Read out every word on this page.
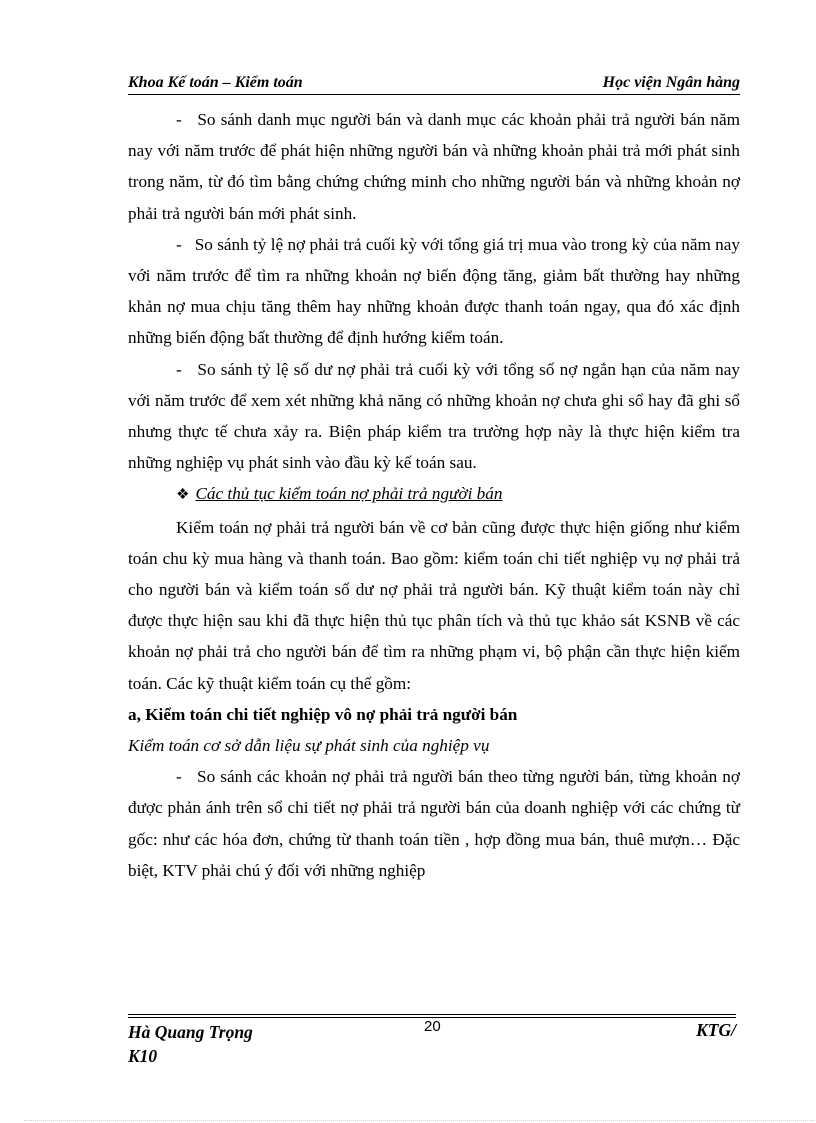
Khoa Kế toán – Kiểm toán	Học viện Ngân hàng

-   So sánh danh mục người bán và danh mục các khoản phải trả người bán năm nay với năm trước để phát hiện những người bán và những khoản phải trả mới phát sinh trong năm, từ đó tìm bằng chứng chứng minh cho những người bán và những khoản nợ phải trả người bán mới phát sinh.

-   So sánh tỷ lệ nợ phải trả cuối kỳ với tổng giá trị mua vào trong kỳ của năm nay với năm trước để tìm ra những khoản nợ biến động tăng, giảm bất thường hay những khản nợ mua chịu tăng thêm hay những khoản được thanh toán ngay, qua đó xác định những biến động bất thường để định hướng kiểm toán.

-   So sánh tỷ lệ số dư nợ phải trả cuối kỳ với tổng số nợ ngắn hạn của năm nay với năm trước để xem xét những khả năng có những khoản nợ chưa ghi sổ hay đã ghi sổ nhưng thực tế chưa xảy ra. Biện pháp kiểm tra trường hợp này là thực hiện kiểm tra những nghiệp vụ phát sinh vào đầu kỳ kế toán sau.

❖ Các thủ tục kiểm toán nợ phải trả người bán

Kiểm toán nợ phải trả người bán về cơ bản cũng được thực hiện giống như kiểm toán chu kỳ mua hàng và thanh toán. Bao gồm: kiểm toán chi tiết nghiệp vụ nợ phải trả cho người bán và kiểm toán số dư nợ phải trả người bán. Kỹ thuật kiểm toán này chỉ được thực hiện sau khi đã thực hiện thủ tục phân tích và thủ tục khảo sát KSNB về các khoản nợ phải trả cho người bán để tìm ra những phạm vi, bộ phận cần thực hiện kiểm toán. Các kỹ thuật kiểm toán cụ thể gồm:

a, Kiểm toán chi tiết nghiệp vô nợ phải trả người bán

Kiểm toán cơ sở dẫn liệu sự phát sinh của nghiệp vụ

-   So sánh các khoản nợ phải trả người bán theo từng người bán, từng khoản nợ được phản ánh trên sổ chi tiết nợ phải trả người bán của doanh nghiệp với các chứng từ gốc: như các hóa đơn, chứng từ thanh toán tiền , hợp đồng mua bán, thuê mượn… Đặc biệt, KTV phải chú ý đối với những nghiệp

Hà Quang Trọng
K10
20	KTG/
